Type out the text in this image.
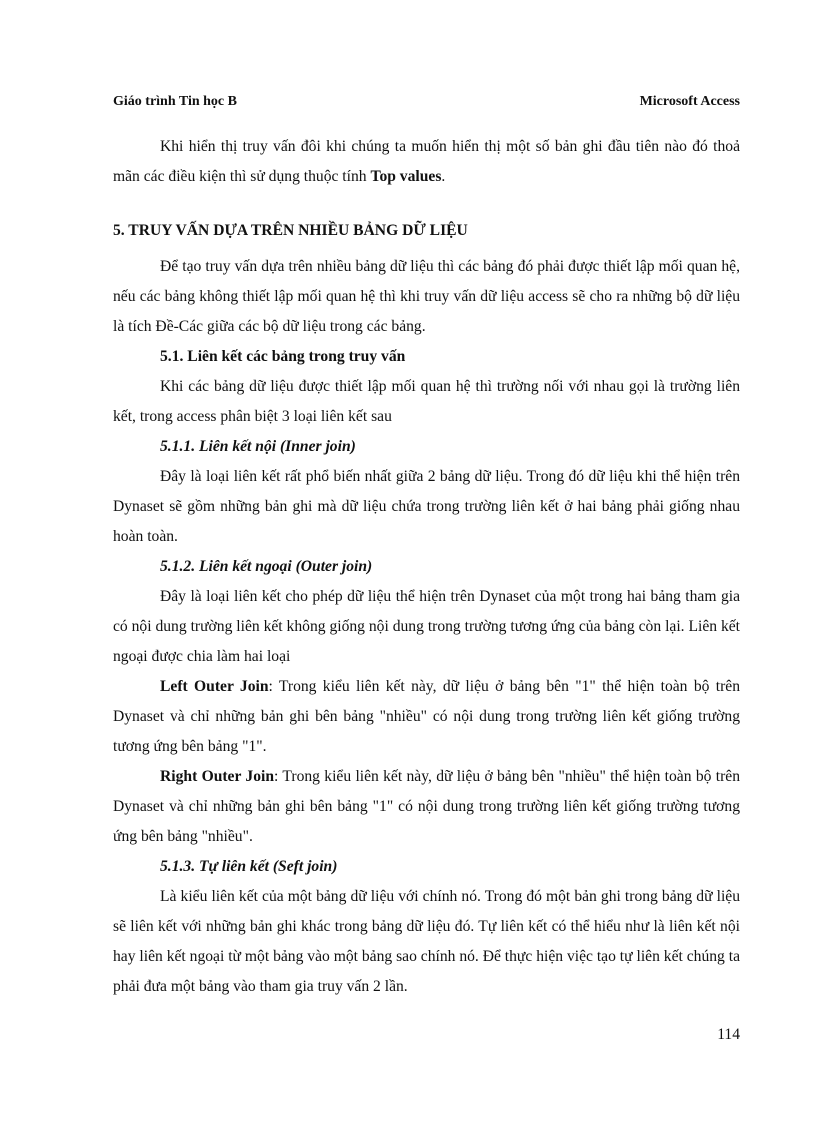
Giáo trình Tin học B	Microsoft Access

Khi hiển thị truy vấn đôi khi chúng ta muốn hiển thị một số bản ghi đầu tiên nào đó thoả mãn các điều kiện thì sử dụng thuộc tính Top values.

5. TRUY VẤN DỰA TRÊN NHIỀU BẢNG DỮ LIỆU

Để tạo truy vấn dựa trên nhiều bảng dữ liệu thì các bảng đó phải được thiết lập mối quan hệ, nếu các bảng không thiết lập mối quan hệ thì khi truy vấn dữ liệu access sẽ cho ra những bộ dữ liệu là tích Đề-Các giữa các bộ dữ liệu trong các bảng.

5.1. Liên kết các bảng trong truy vấn

Khi các bảng dữ liệu được thiết lập mối quan hệ thì trường nối với nhau gọi là trường liên kết, trong access phân biệt 3 loại liên kết sau

5.1.1. Liên kết nội (Inner join)

Đây là loại liên kết rất phổ biến nhất giữa 2 bảng dữ liệu. Trong đó dữ liệu khi thể hiện trên Dynaset sẽ gồm những bản ghi mà dữ liệu chứa trong trường liên kết ở hai bảng phải giống nhau hoàn toàn.

5.1.2. Liên kết ngoại (Outer join)

Đây là loại liên kết cho phép dữ liệu thể hiện trên Dynaset của một trong hai bảng tham gia có nội dung trường liên kết không giống nội dung trong trường tương ứng của bảng còn lại. Liên kết ngoại được chia làm hai loại

Left Outer Join: Trong kiểu liên kết này, dữ liệu ở bảng bên "1" thể hiện toàn bộ trên Dynaset và chỉ những bản ghi bên bảng "nhiều" có nội dung trong trường liên kết giống trường tương ứng bên bảng "1".

Right Outer Join: Trong kiểu liên kết này, dữ liệu ở bảng bên "nhiều" thể hiện toàn bộ trên Dynaset và chỉ những bản ghi bên bảng "1" có nội dung trong trường liên kết giống trường tương ứng bên bảng "nhiều".

5.1.3. Tự liên kết (Seft join)

Là kiểu liên kết của một bảng dữ liệu với chính nó. Trong đó một bản ghi trong bảng dữ liệu sẽ liên kết với những bản ghi khác trong bảng dữ liệu đó. Tự liên kết có thể hiểu như là liên kết nội hay liên kết ngoại từ một bảng vào một bảng sao chính nó. Để thực hiện việc tạo tự liên kết chúng ta phải đưa một bảng vào tham gia truy vấn 2 lần.

114
